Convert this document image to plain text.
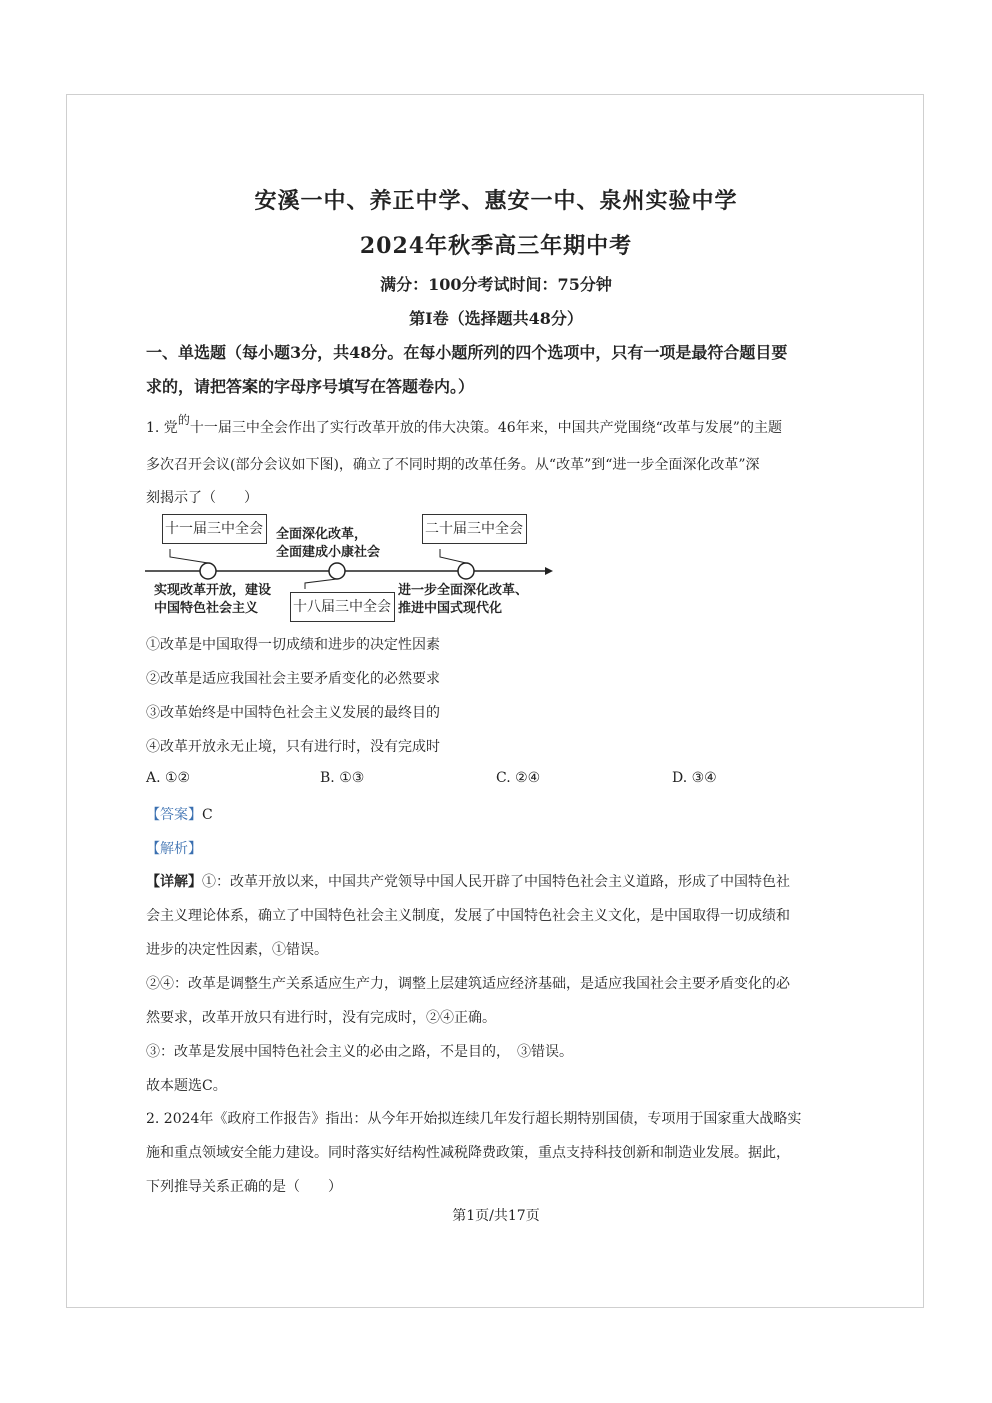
安溪一中、养正中学、惠安一中、泉州实验中学
2024年秋季高三年期中考
满分：100分考试时间：75分钟
第Ⅰ卷（选择题共48分）
一、单选题（每小题3分，共48分。在每小题所列的四个选项中，只有一项是最符合题目要
求的，请把答案的字母序号填写在答题卷内。）
1. 党的十一届三中全会作出了实行改革开放的伟大决策。46年来，中国共产党围绕“改革与发展”的主题
多次召开会议(部分会议如下图)，确立了不同时期的改革任务。从“改革”到“进一步全面深化改革”深
刻揭示了（　　）
十一届三中全会
十八届三中全会
二十届三中全会
全面深化改革，
全面建成小康社会
实现改革开放，建设
中国特色社会主义
进一步全面深化改革、
推进中国式现代化
①改革是中国取得一切成绩和进步的决定性因素
②改革是适应我国社会主要矛盾变化的必然要求
③改革始终是中国特色社会主义发展的最终目的
④改革开放永无止境，只有进行时，没有完成时
A. ①②	B. ①③	C. ②④	D. ③④
【答案】C
【解析】
【详解】①：改革开放以来，中国共产党领导中国人民开辟了中国特色社会主义道路，形成了中国特色社
会主义理论体系，确立了中国特色社会主义制度，发展了中国特色社会主义文化，是中国取得一切成绩和
进步的决定性因素，①错误。
②④：改革是调整生产关系适应生产力，调整上层建筑适应经济基础，是适应我国社会主要矛盾变化的必
然要求，改革开放只有进行时，没有完成时，②④正确。
③：改革是发展中国特色社会主义的必由之路，不是目的，　③错误。
故本题选C。
2. 2024年《政府工作报告》指出：从今年开始拟连续几年发行超长期特别国债，专项用于国家重大战略实
施和重点领域安全能力建设。同时落实好结构性减税降费政策，重点支持科技创新和制造业发展。据此，
下列推导关系正确的是（　　）
第1页/共17页
